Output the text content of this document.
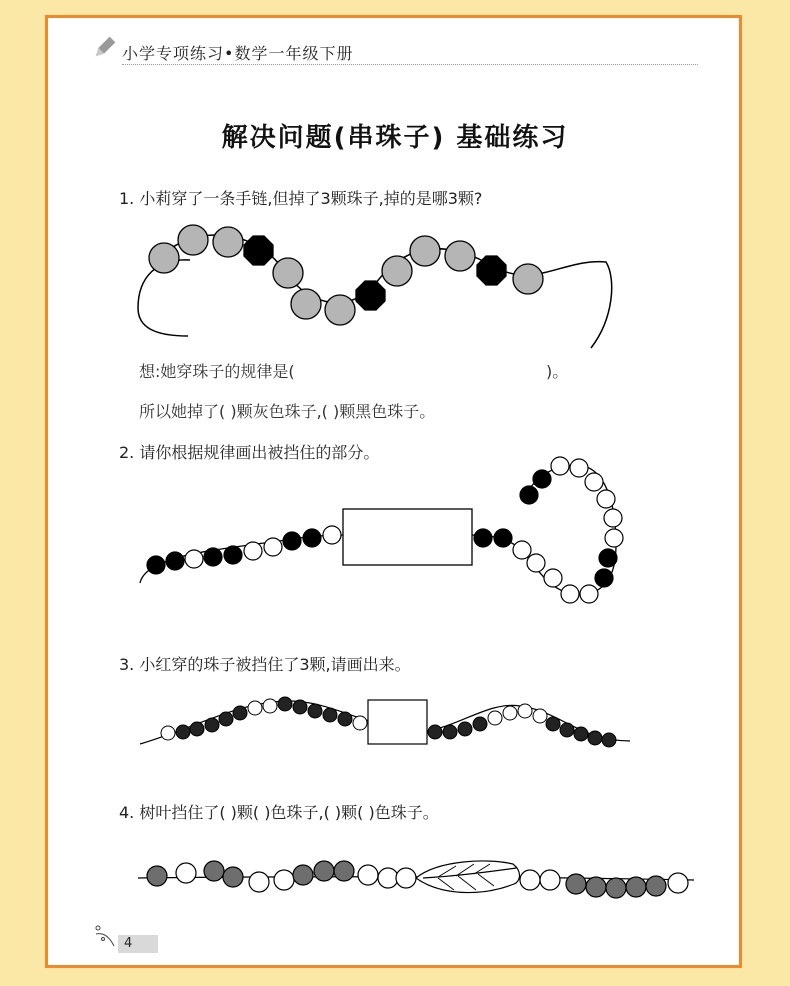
小学专项练习•数学一年级下册
解决问题(串珠子) 基础练习
1. 小莉穿了一条手链,但掉了3颗珠子,掉的是哪3颗?
想:她穿珠子的规律是(	)。
所以她掉了( )颗灰色珠子,( )颗黑色珠子。
2. 请你根据规律画出被挡住的部分。
3. 小红穿的珠子被挡住了3颗,请画出来。
4. 树叶挡住了( )颗( )色珠子,( )颗( )色珠子。
4
